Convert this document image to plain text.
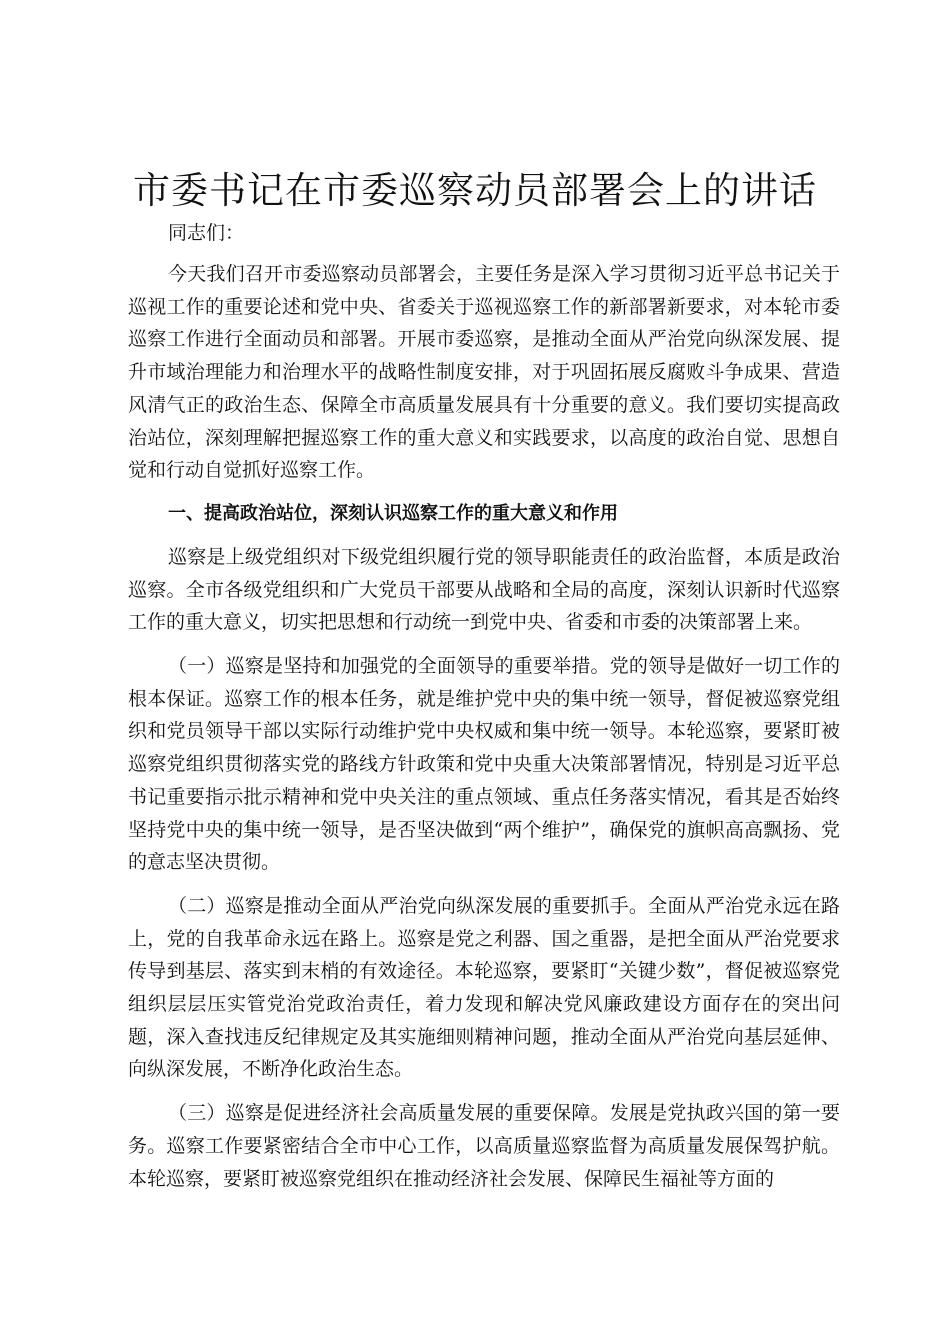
市委书记在市委巡察动员部署会上的讲话

同志们：

今天我们召开市委巡察动员部署会，主要任务是深入学习贯彻习近平总书记关于巡视工作的重要论述和党中央、省委关于巡视巡察工作的新部署新要求，对本轮市委巡察工作进行全面动员和部署。开展市委巡察，是推动全面从严治党向纵深发展、提升市域治理能力和治理水平的战略性制度安排，对于巩固拓展反腐败斗争成果、营造风清气正的政治生态、保障全市高质量发展具有十分重要的意义。我们要切实提高政治站位，深刻理解把握巡察工作的重大意义和实践要求，以高度的政治自觉、思想自觉和行动自觉抓好巡察工作。

一、提高政治站位，深刻认识巡察工作的重大意义和作用

巡察是上级党组织对下级党组织履行党的领导职能责任的政治监督，本质是政治巡察。全市各级党组织和广大党员干部要从战略和全局的高度，深刻认识新时代巡察工作的重大意义，切实把思想和行动统一到党中央、省委和市委的决策部署上来。

（一）巡察是坚持和加强党的全面领导的重要举措。党的领导是做好一切工作的根本保证。巡察工作的根本任务，就是维护党中央的集中统一领导，督促被巡察党组织和党员领导干部以实际行动维护党中央权威和集中统一领导。本轮巡察，要紧盯被巡察党组织贯彻落实党的路线方针政策和党中央重大决策部署情况，特别是习近平总书记重要指示批示精神和党中央关注的重点领域、重点任务落实情况，看其是否始终坚持党中央的集中统一领导，是否坚决做到“两个维护”，确保党的旗帜高高飘扬、党的意志坚决贯彻。

（二）巡察是推动全面从严治党向纵深发展的重要抓手。全面从严治党永远在路上，党的自我革命永远在路上。巡察是党之利器、国之重器，是把全面从严治党要求传导到基层、落实到末梢的有效途径。本轮巡察，要紧盯“关键少数”，督促被巡察党组织层层压实管党治党政治责任，着力发现和解决党风廉政建设方面存在的突出问题，深入查找违反纪律规定及其实施细则精神问题，推动全面从严治党向基层延伸、向纵深发展，不断净化政治生态。

（三）巡察是促进经济社会高质量发展的重要保障。发展是党执政兴国的第一要务。巡察工作要紧密结合全市中心工作，以高质量巡察监督为高质量发展保驾护航。本轮巡察，要紧盯被巡察党组织在推动经济社会发展、保障民生福祉等方面的
